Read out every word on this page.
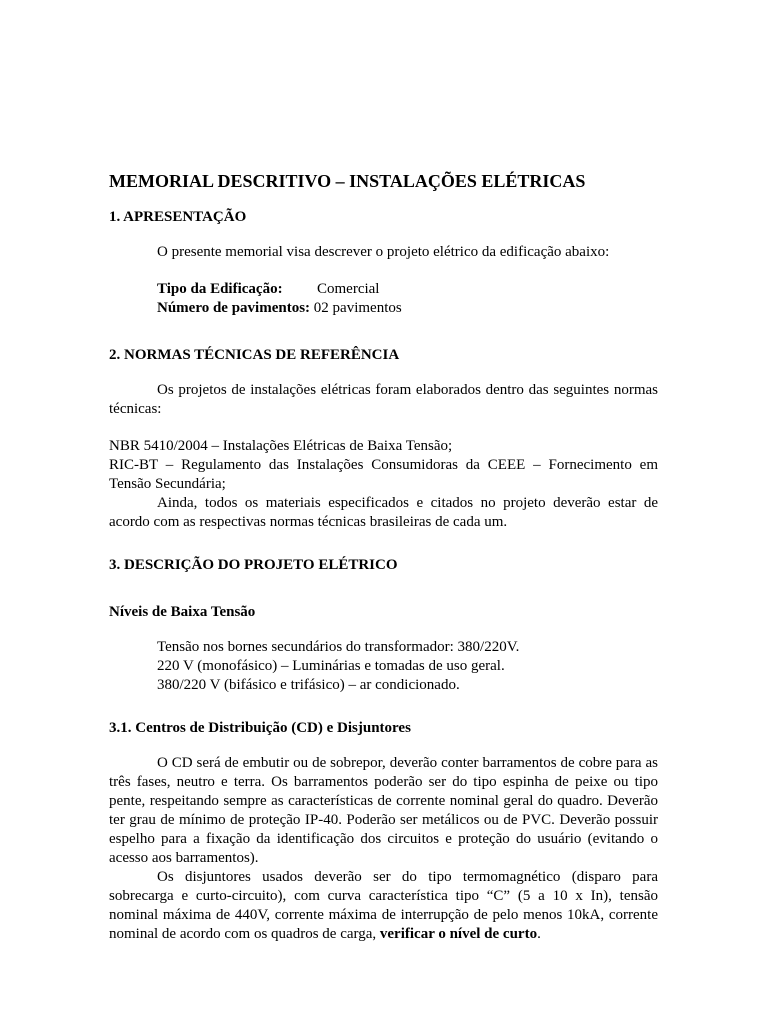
MEMORIAL DESCRITIVO – INSTALAÇÕES ELÉTRICAS
1. APRESENTAÇÃO

O presente memorial visa descrever o projeto elétrico da edificação abaixo:

Tipo da Edificação:	Comercial
Número de pavimentos: 02 pavimentos
2. NORMAS TÉCNICAS DE REFERÊNCIA

Os projetos de instalações elétricas foram elaborados dentro das seguintes normas técnicas:

NBR 5410/2004 – Instalações Elétricas de Baixa Tensão;

RIC-BT – Regulamento das Instalações Consumidoras da CEEE – Fornecimento em Tensão Secundária;

Ainda, todos os materiais especificados e citados no projeto deverão estar de acordo com as respectivas normas técnicas brasileiras de cada um.

3. DESCRIÇÃO DO PROJETO ELÉTRICO
Níveis de Baixa Tensão

Tensão nos bornes secundários do transformador: 380/220V.

220 V (monofásico) – Luminárias e tomadas de uso geral.

380/220 V (bifásico e trifásico) – ar condicionado.

3.1. Centros de Distribuição (CD) e Disjuntores

O CD será de embutir ou de sobrepor, deverão conter barramentos de cobre para as três fases, neutro e terra. Os barramentos poderão ser do tipo espinha de peixe ou tipo pente, respeitando sempre as características de corrente nominal geral do quadro. Deverão ter grau de mínimo de proteção IP-40. Poderão ser metálicos ou de PVC. Deverão possuir espelho para a fixação da identificação dos circuitos e proteção do usuário (evitando o acesso aos barramentos).

Os disjuntores usados deverão ser do tipo termomagnético (disparo para sobrecarga e curto-circuito), com curva característica tipo “C” (5 a 10 x In), tensão nominal máxima de 440V, corrente máxima de interrupção de pelo menos 10kA, corrente nominal de acordo com os quadros de carga, verificar o nível de curto.
